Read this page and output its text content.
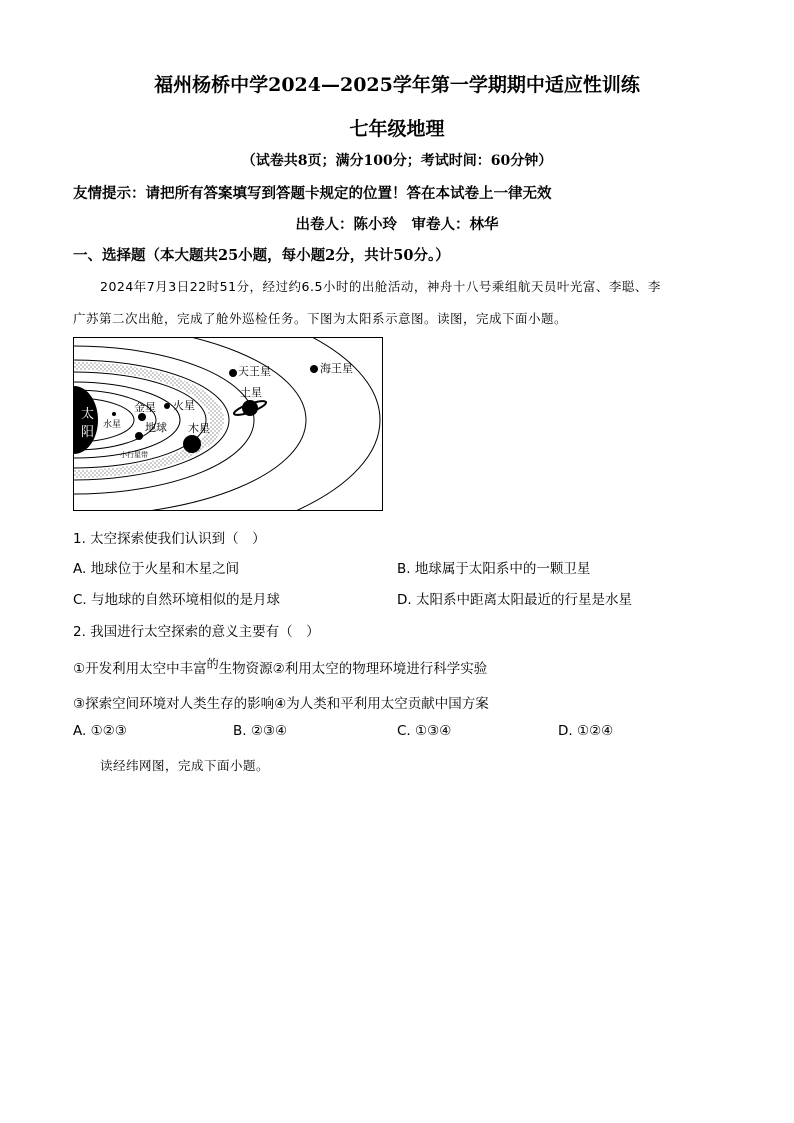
福州杨桥中学2024—2025学年第一学期期中适应性训练
七年级地理
（试卷共8页；满分100分；考试时间：60分钟）
友情提示：请把所有答案填写到答题卡规定的位置！答在本试卷上一律无效
出卷人：陈小玲　审卷人：林华
一、选择题（本大题共25小题，每小题2分，共计50分。）
2024年7月3日22时51分，经过约6.5小时的出舱活动，神舟十八号乘组航天员叶光富、李聪、李
广苏第二次出舱，完成了舱外巡检任务。下图为太阳系示意图。读图，完成下面小题。
太
阳 水星
金星
地球
火星
小行星带
木星
土星
天王星	海王星
1. 太空探索使我们认识到（　）
A. 地球位于火星和木星之间	B. 地球属于太阳系中的一颗卫星
C. 与地球的自然环境相似的是月球	D. 太阳系中距离太阳最近的行星是水星
2. 我国进行太空探索的意义主要有（　）
①开发利用太空中丰富的生物资源②利用太空的物理环境进行科学实验
③探索空间环境对人类生存的影响④为人类和平利用太空贡献中国方案
A. ①②③	B. ②③④	C. ①③④	D. ①②④
读经纬网图，完成下面小题。
